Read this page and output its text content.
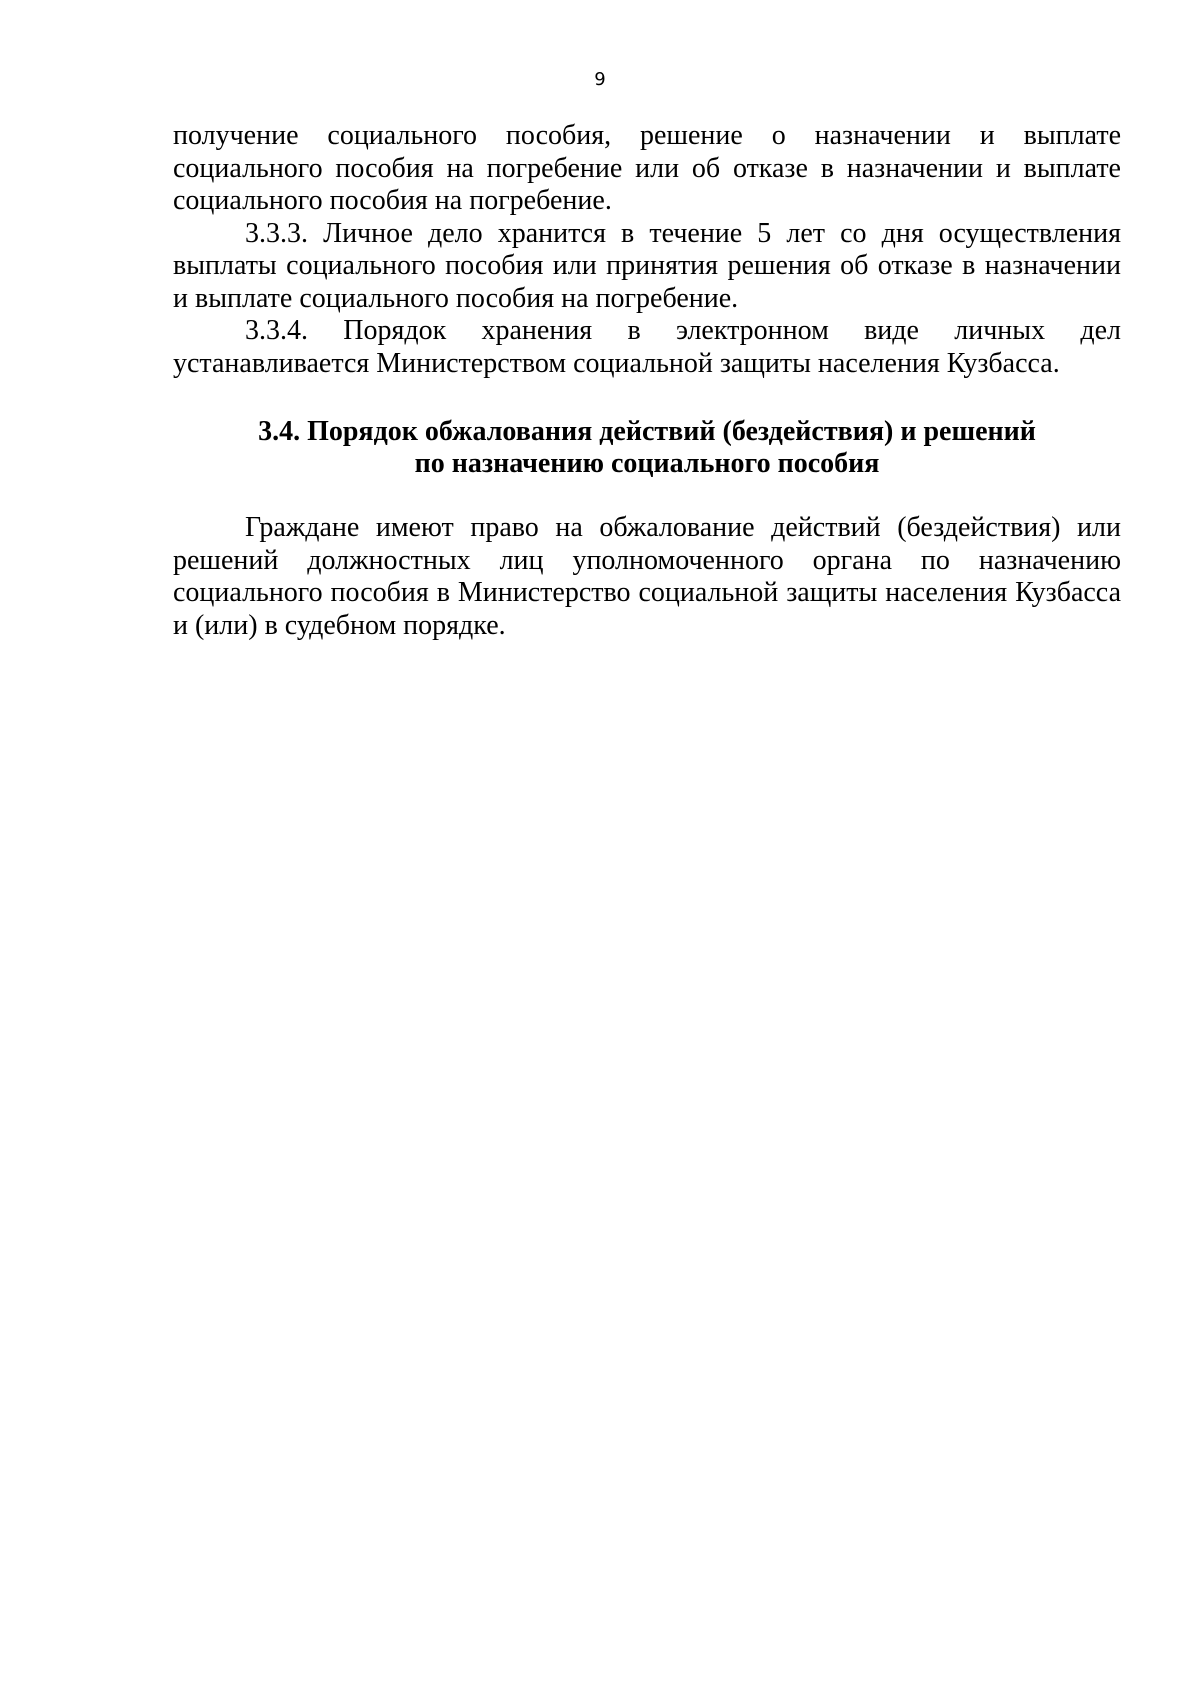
9

получение социального пособия, решение о назначении и выплате социального пособия на погребение или об отказе в назначении и выплате социального пособия на погребение.

3.3.3. Личное дело хранится в течение 5 лет со дня осуществления выплаты социального пособия или принятия решения об отказе в назначении и выплате социального пособия на погребение.

3.3.4. Порядок хранения в электронном виде личных дел устанавливается Министерством социальной защиты населения Кузбасса.

3.4. Порядок обжалования действий (бездействия) и решений
по назначению социального пособия

Граждане имеют право на обжалование действий (бездействия) или решений должностных лиц уполномоченного органа по назначению социального пособия в Министерство социальной защиты населения Кузбасса и (или) в судебном порядке.
